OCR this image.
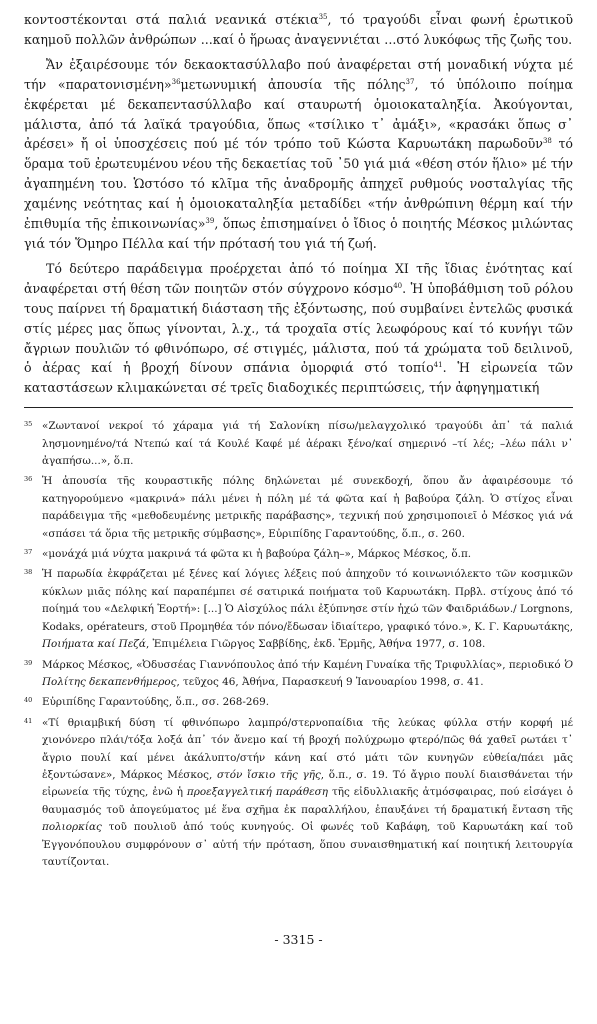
κοντοστέκονται στά παλιά νεανικά στέκια$^{35}$, τό τραγούδι εἶναι φωνή ἐρωτικοῦ καημοῦ πολλῶν ἀνθρώπων ...καί ὁ ἥρωας ἀναγεννιέται ...στό λυκόφως τῆς ζωῆς του.

Ἄν ἐξαιρέσουμε τόν δεκαοκτασύλλαβο πού ἀναφέρεται στή μοναδική νύχτα μέ τήν «παρατονισμένη»$^{36}$μετωνυμική ἀπουσία τῆς πόλης$^{37}$, τό ὑπόλοιπο ποίημα ἐκφέρεται μέ δεκαπεντασύλλαβο καί σταυρωτή ὁμοιοκαταληξία. Ἀκούγονται, μάλιστα, ἀπό τά λαϊκά τραγούδια, ὅπως «τσίλικο τ᾽ ἀμάξι», «κρασάκι ὅπως σ᾽ ἀρέσει» ἤ οἱ ὑποσχέσεις πού μέ τόν τρόπο τοῦ Κώστα Καρυωτάκη παρωδοῦν$^{38}$ τό ὅραμα τοῦ ἐρωτευμένου νέου τῆς δεκαετίας τοῦ ᾽50 γιά μιά «θέση στόν ἥλιο» μέ τήν ἀγαπημένη του. Ὡστόσο τό κλῖμα τῆς ἀναδρομῆς ἀπηχεῖ ρυθμούς νοσταλγίας τῆς χαμένης νεότητας καί ἡ ὁμοιοκαταληξία μεταδίδει «τήν ἀνθρώπινη θέρμη καί τήν ἐπιθυμία τῆς ἐπικοινωνίας»$^{39}$, ὅπως ἐπισημαίνει ὁ ἴδιος ὁ ποιητής Μέσκος μιλώντας γιά τόν Ὅμηρο Πέλλα καί τήν πρότασή του γιά τή ζωή.

Τό δεύτερο παράδειγμα προέρχεται ἀπό τό ποίημα XI τῆς ἴδιας ἑνότητας καί ἀναφέρεται στή θέση τῶν ποιητῶν στόν σύγχρονο κόσμο$^{40}$. Ἡ ὑποβάθμιση τοῦ ρόλου τους παίρνει τή δραματική διάσταση τῆς ἐξόντωσης, πού συμβαίνει ἐντελῶς φυσικά στίς μέρες μας ὅπως γίνονται, λ.χ., τά τροχαῖα στίς λεωφόρους καί τό κυνήγι τῶν ἄγριων πουλιῶν τό φθινόπωρο, σέ στιγμές, μάλιστα, πού τά χρώματα τοῦ δειλινοῦ, ὁ ἀέρας καί ἡ βροχή δίνουν σπάνια ὀμορφιά στό τοπίο$^{41}$. Ἡ εἰρωνεία τῶν καταστάσεων κλιμακώνεται σέ τρεῖς διαδοχικές περιπτώσεις, τήν ἀφηγηματική

35 «Ζωντανοί νεκροί τό χάραμα γιά τή Σαλονίκη πίσω/μελαγχολικό τραγούδι ἀπ᾽ τά παλιά λησμονημένο/τά Ντεπώ καί τά Κουλέ Καφέ μέ ἀέρακι ξένο/καί σημερινό –τί λές; –λέω πάλι ν᾽ ἀγαπήσω...», ὅ.π.

36 Ἡ ἀπουσία τῆς κουραστικῆς πόλης δηλώνεται μέ συνεκδοχή, ὅπου ἄν ἀφαιρέσουμε τό κατηγορούμενο «μακρινά» πάλι μένει ἡ πόλη μέ τά φῶτα καί ἡ βαβούρα ζάλη. Ὁ στίχος εἶναι παράδειγμα τῆς «μεθοδευμένης μετρικῆς παράβασης», τεχνική πού χρησιμοποιεῖ ὁ Μέσκος γιά νά «σπάσει τά ὅρια τῆς μετρικῆς σύμβασης», Εὐριπίδης Γαραντούδης, ὅ.π., σ. 260.

37 «μονάχά μιά νύχτα μακρινά τά φῶτα κι ἡ βαβούρα ζάλη–», Μάρκος Μέσκος, ὅ.π.

38 Ἡ παρωδία ἐκφράζεται μέ ξένες καί λόγιες λέξεις πού ἀπηχοῦν τό κοινωνιόλεκτο τῶν κοσμικῶν κύκλων μιᾶς πόλης καί παραπέμπει σέ σατιρικά ποιήματα τοῦ Καρυωτάκη. Πρβλ. στίχους ἀπό τό ποίημά του «Δελφική Ἑορτή»: [...] Ὁ Αἰσχύλος πάλι ἐξύπνησε στίν ἠχώ τῶν Φαιδριάδων./ Lorgnons, Kodaks, opérateurs, στοῦ Προμηθέα τόν πόνο/ἔδωσαν ἰδιαίτερο, γραφικό τόνο.», Κ. Γ. Καρυωτάκης, Ποιήματα καί Πεζά, Ἐπιμέλεια Γιῶργος Σαββίδης, ἐκδ. Ἑρμῆς, Ἀθήνα 1977, σ. 108.

39 Μάρκος Μέσκος, «Ὀδυσσέας Γιαννόπουλος ἀπό τήν Καμένη Γυναίκα τῆς Τριφυλλίας», περιοδικό Ὁ Πολίτης δεκαπενθήμερος, τεῦχος 46, Ἀθήνα, Παρασκευή 9 Ἰανουαρίου 1998, σ. 41.

40 Εὐριπίδης Γαραντούδης, ὅ.π., σσ. 268-269.

41 «Τί θριαμβική δύση τί φθινόπωρο λαμπρό/στερνοπαίδια τῆς λεύκας φύλλα στήν κορφή μέ χιονόνερο πλάι/τόξα λοξά ἀπ᾽ τόν ἄνεμο καί τή βροχή πολύχρωμο φτερό/πῶς θά χαθεῖ ρωτάει τ᾽ ἄγριο πουλί καί μένει ἀκάλυπτο/στήν κάνη καί στό μάτι τῶν κυνηγῶν εὐθεία/πάει μᾶς ἐξοντώσανε», Μάρκος Μέσκος, στόν ἴσκιο τῆς γῆς, ὅ.π., σ. 19. Τό ἄγριο πουλί διαισθάνεται τήν εἰρωνεία τῆς τύχης, ἐνῶ ἡ προεξαγγελτική παράθεση τῆς εἰδυλλιακῆς ἀτμόσφαιρας, πού εἰσάγει ὁ θαυμασμός τοῦ ἀπογεύματος μέ ἕνα σχῆμα ἐκ παραλλήλου, ἐπαυξάνει τή δραματική ἔνταση τῆς πολιορκίας τοῦ πουλιοῦ ἀπό τούς κυνηγούς. Οἱ φωνές τοῦ Καβάφη, τοῦ Καρυωτάκη καί τοῦ Ἐγγονόπουλου συμφρόνουν σ᾽ αὐτή τήν πρόταση, ὅπου συναισθηματική καί ποιητική λειτουργία ταυτίζονται.

- 3315 -
